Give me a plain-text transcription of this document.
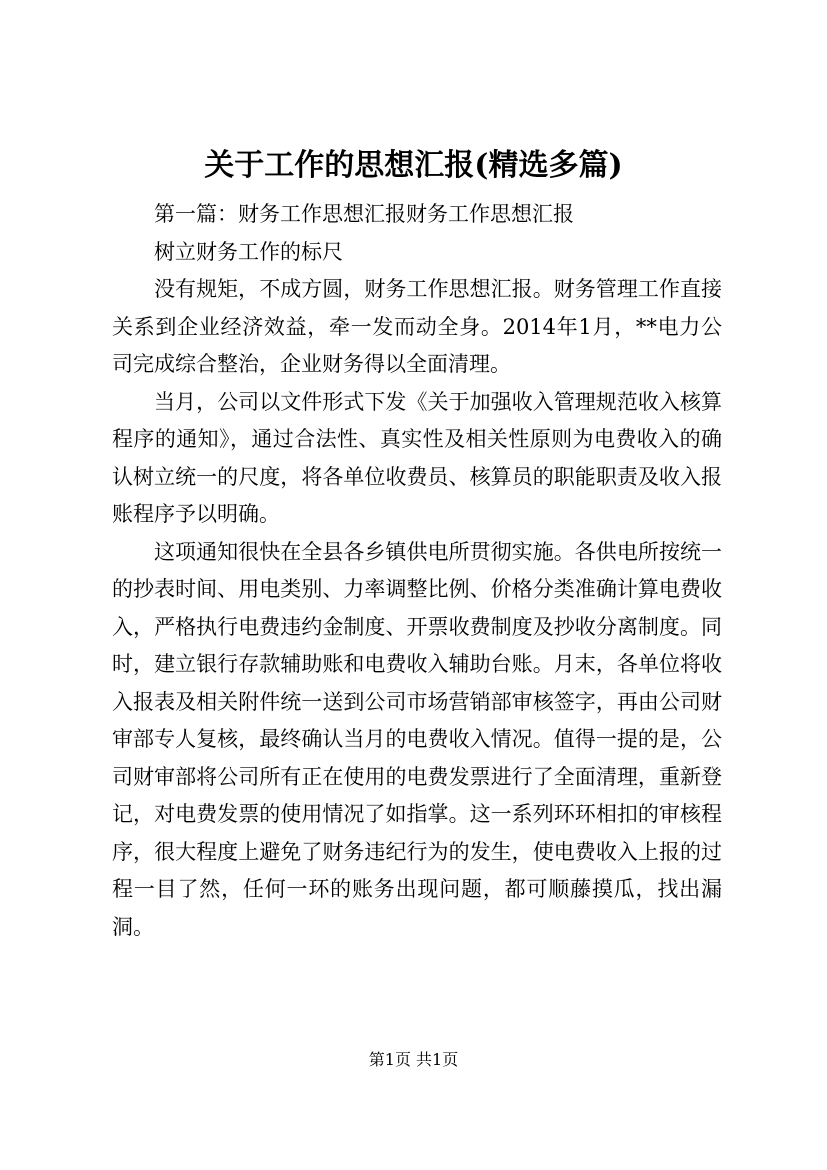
关于工作的思想汇报(精选多篇)

第一篇：财务工作思想汇报财务工作思想汇报

树立财务工作的标尺

没有规矩，不成方圆，财务工作思想汇报。财务管理工作直接关系到企业经济效益，牵一发而动全身。2014年1月，**电力公司完成综合整治，企业财务得以全面清理。

当月，公司以文件形式下发《关于加强收入管理规范收入核算程序的通知》，通过合法性、真实性及相关性原则为电费收入的确认树立统一的尺度，将各单位收费员、核算员的职能职责及收入报账程序予以明确。

这项通知很快在全县各乡镇供电所贯彻实施。各供电所按统一的抄表时间、用电类别、力率调整比例、价格分类准确计算电费收入，严格执行电费违约金制度、开票收费制度及抄收分离制度。同时，建立银行存款辅助账和电费收入辅助台账。月末，各单位将收入报表及相关附件统一送到公司市场营销部审核签字，再由公司财审部专人复核，最终确认当月的电费收入情况。值得一提的是，公司财审部将公司所有正在使用的电费发票进行了全面清理，重新登记，对电费发票的使用情况了如指掌。这一系列环环相扣的审核程序，很大程度上避免了财务违纪行为的发生，使电费收入上报的过程一目了然，任何一环的账务出现问题，都可顺藤摸瓜，找出漏洞。

第1页 共1页
